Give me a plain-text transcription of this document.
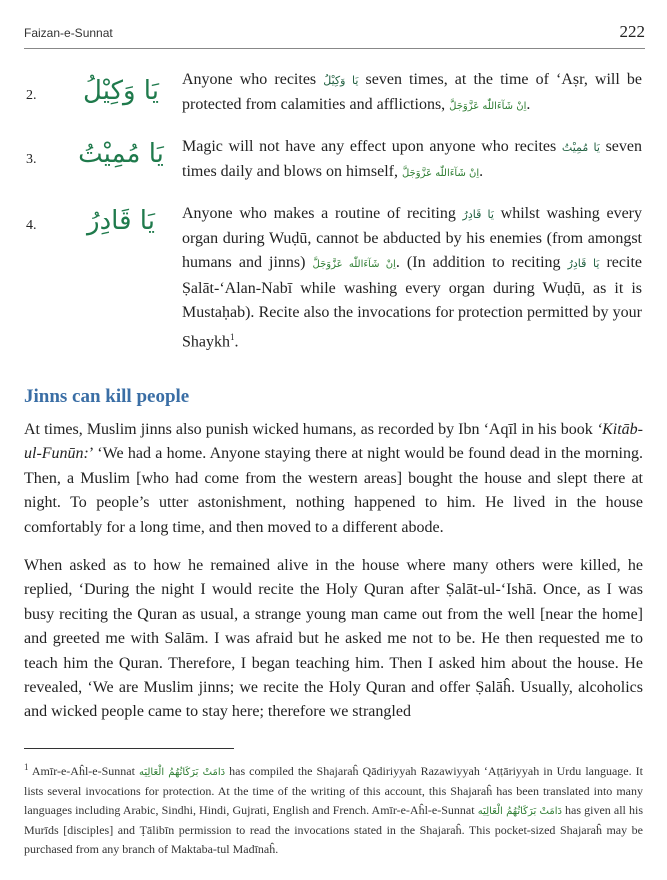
Faizan-e-Sunnat	222
2. يَا وَكِيْلُ	Anyone who recites يَا وَكِيْلُ seven times, at the time of ‘Aṣr, will be protected from calamities and afflictions, اِنْ شَآءَاللّٰه عَزَّوَجَلَّ.
3. يَا مُمِيْتُ Magic will not have any effect upon anyone who recites يَا مُمِيْتُ seven times daily and blows on himself, اِنْ شَآءَاللّٰه عَزَّوَجَلَّ.
4.	يَا قَادِرُ	Anyone who makes a routine of reciting يَا قَادِرُ whilst washing every organ during Wuḍū, cannot be abducted by his enemies (from amongst humans and jinns) اِنْ شَآءَاللّٰه عَزَّوَجَلَّ. (In addition to reciting يَا قَادِرُ recite Ṣalāt-‘Alan-Nabī while washing every organ during Wuḍū, as it is Mustaḥab). Recite also the invocations for protection permitted by your Shaykh$^1$.
Jinns can kill people

At times, Muslim jinns also punish wicked humans, as recorded by Ibn ‘Aqīl in his book ‘Kitāb-ul-Funūn:’ ‘We had a home. Anyone staying there at night would be found dead in the morning. Then, a Muslim [who had come from the western areas] bought the house and slept there at night. To people’s utter astonishment, nothing happened to him. He lived in the house comfortably for a long time, and then moved to a different abode.

When asked as to how he remained alive in the house where many others were killed, he replied, ‘During the night I would recite the Holy Quran after Ṣalāt-ul-‘Ishā. Once, as I was busy reciting the Quran as usual, a strange young man came out from the well [near the home] and greeted me with Salām. I was afraid but he asked me not to be. He then requested me to teach him the Quran. Therefore, I began teaching him. Then I asked him about the house. He revealed, ‘We are Muslim jinns; we recite the Holy Quran and offer Ṣalāĥ. Usually, alcoholics and wicked people came to stay here; therefore we strangled

$^1$ Amīr-e-Aĥl-e-Sunnat دَامَتْ بَرَكَاتُهُمُ الْعَالِيَه has compiled the Shajaraĥ Qādiriyyah Razawiyyah ‘Aṭṭāriyyah in Urdu language. It lists several invocations for protection. At the time of the writing of this account, this Shajaraĥ has been translated into many languages including Arabic, Sindhi, Hindi, Gujrati, English and French. Amīr-e-Aĥl-e-Sunnat دَامَتْ بَرَكَاتُهُمُ الْعَالِيَه has given all his Murīds [disciples] and Ṭālibīn permission to read the invocations stated in the Shajaraĥ. This pocket-sized Shajaraĥ may be purchased from any branch of Maktaba-tul Madīnaĥ.
